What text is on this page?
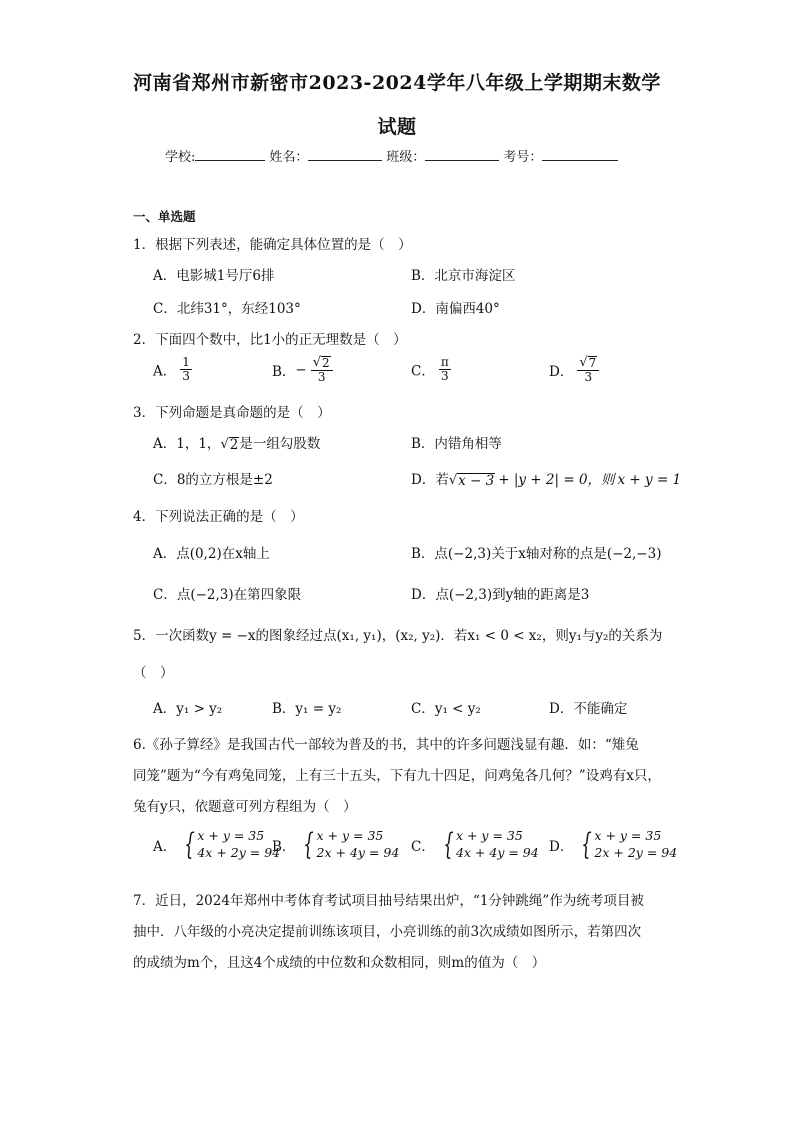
河南省郑州市新密市2023-2024学年八年级上学期期末数学
试题
学校:	姓名：	班级：	考号：
一、单选题
1．根据下列表述，能确定具体位置的是（　）
A．电影城1号厅6排	B．北京市海淀区
C．北纬31°，东经103°	D．南偏西40°
2．下面四个数中，比1小的正无理数是（　）
A． $\frac{1}{3}$	B．− $\frac{√ 2}{3}$	C． $\frac{\pi}{3}$	D． $\frac{√ 7}{3}$
3．下列命题是真命题的是（　）
A．1，1， √ 2 是一组勾股数	B．内错角相等
C．8的立方根是±2	D．若 √ x − 3 + |y + 2| = 0，则 x + y = 1
4．下列说法正确的是（　）
A．点(0,2)在x轴上	B．点(−2,3)关于x轴对称的点是(−2,−3)
C．点(−2,3)在第四象限	D．点(−2,3)到y轴的距离是3
5．一次函数y = −x的图象经过点(x₁, y₁)，(x₂, y₂)．若x₁ < 0 < x₂，则y₁与y₂的关系为
（　）
A．y₁ > y₂	B．y₁ = y₂	C．y₁ < y₂	D．不能确定
6.《孙子算经》是我国古代一部较为普及的书，其中的许多问题浅显有趣．如：“雉兔
同笼”题为“今有鸡兔同笼，上有三十五头，下有九十四足，问鸡兔各几何？”设鸡有x只，
兔有y只，依题意可列方程组为（　）
A． { x + y = 35
4x + 2y = 94
B． { x + y = 35
2x + 4y = 94 C． { x + y = 35
4x + 4y = 94 D． { x + y = 35
2x + 2y = 94
7．近日，2024年郑州中考体育考试项目抽号结果出炉，“1分钟跳绳”作为统考项目被
抽中．八年级的小亮决定提前训练该项目，小亮训练的前3次成绩如图所示，若第四次
的成绩为m个，且这4个成绩的中位数和众数相同，则m的值为（　）
